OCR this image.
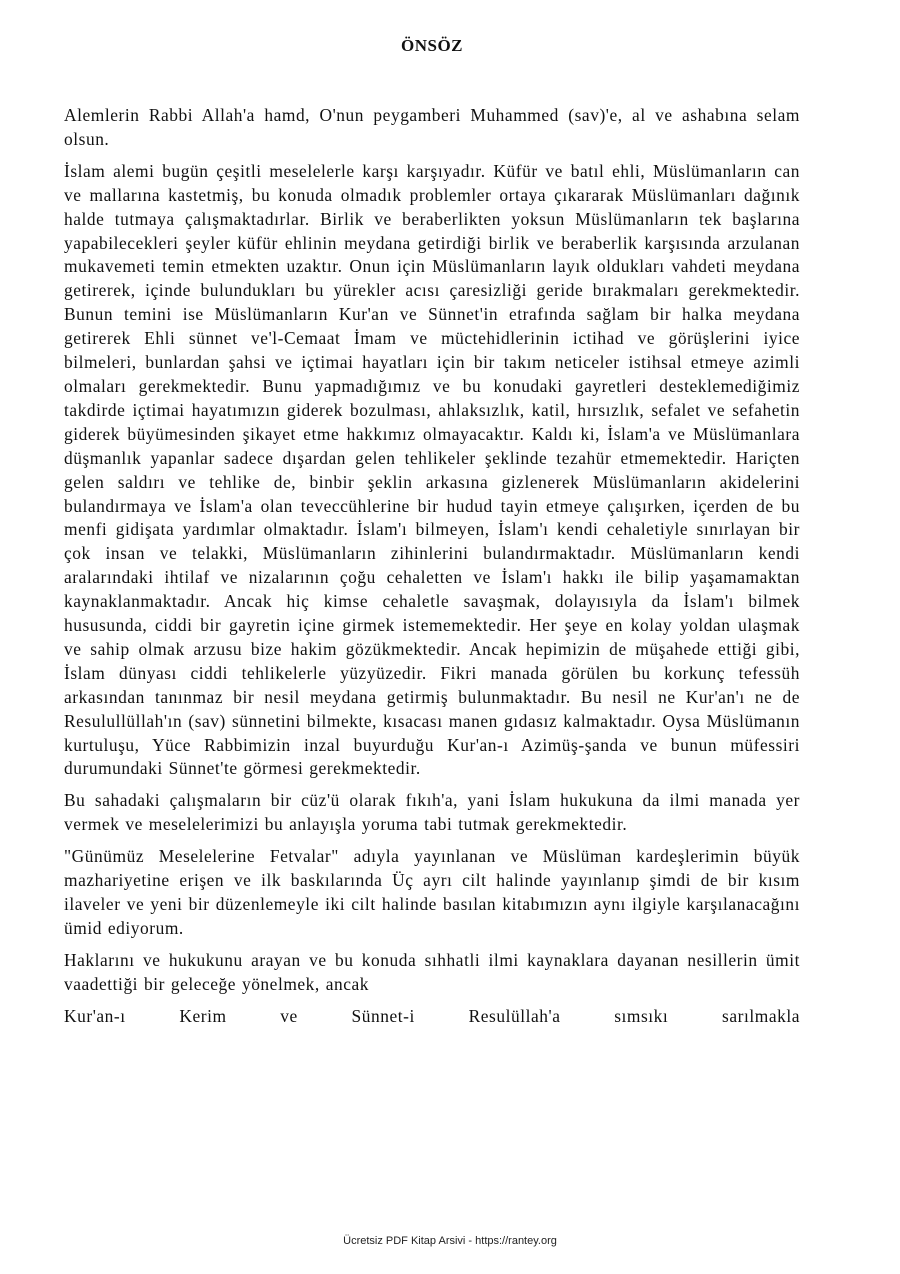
ÖNSÖZ

Alemlerin Rabbi Allah'a hamd, O'nun peygamberi Muhammed (sav)'e, al ve ashabına selam olsun.

İslam alemi bugün çeşitli meselelerle karşı karşıyadır. Küfür ve batıl ehli, Müslümanların can ve mallarına kastetmiş, bu konuda olmadık problemler ortaya çıkararak Müslümanları dağınık halde tutmaya çalışmaktadırlar. Birlik ve beraberlikten yoksun Müslümanların tek başlarına yapabilecekleri şeyler küfür ehlinin meydana getirdiği birlik ve beraberlik karşısında arzulanan mukavemeti temin etmekten uzaktır. Onun için Müslümanların layık oldukları vahdeti meydana getirerek, içinde bulundukları bu yürekler acısı çaresizliği geride bırakmaları gerekmektedir. Bunun temini ise Müslümanların Kur'an ve Sünnet'in etrafında sağlam bir halka meydana getirerek Ehli sünnet ve'l-Cemaat İmam ve müctehidlerinin ictihad ve görüşlerini iyice bilmeleri, bunlardan şahsi ve içtimai hayatları için bir takım neticeler istihsal etmeye azimli olmaları gerekmektedir. Bunu yapmadığımız ve bu konudaki gayretleri desteklemediğimiz takdirde içtimai hayatımızın giderek bozulması, ahlaksızlık, katil, hırsızlık, sefalet ve sefahetin giderek büyümesinden şikayet etme hakkımız olmayacaktır. Kaldı ki, İslam'a ve Müslümanlara düşmanlık yapanlar sadece dışardan gelen tehlikeler şeklinde tezahür etmemektedir. Hariçten gelen saldırı ve tehlike de, binbir şeklin arkasına gizlenerek Müslümanların akidelerini bulandırmaya ve İslam'a olan teveccühlerine bir hudud tayin etmeye çalışırken, içerden de bu menfi gidişata yardımlar olmaktadır. İslam'ı bilmeyen, İslam'ı kendi cehaletiyle sınırlayan bir çok insan ve telakki, Müslümanların zihinlerini bulandırmaktadır. Müslümanların kendi aralarındaki ihtilaf ve nizalarının çoğu cehaletten ve İslam'ı hakkı ile bilip yaşamamaktan kaynaklanmaktadır. Ancak hiç kimse cehaletle savaşmak, dolayısıyla da İslam'ı bilmek hususunda, ciddi bir gayretin içine girmek istememektedir. Her şeye en kolay yoldan ulaşmak ve sahip olmak arzusu bize hakim gözükmektedir. Ancak hepimizin de müşahede ettiği gibi, İslam dünyası ciddi tehlikelerle yüzyüzedir. Fikri manada görülen bu korkunç tefessüh arkasından tanınmaz bir nesil meydana getirmiş bulunmaktadır. Bu nesil ne Kur'an'ı ne de Resulullüllah'ın (sav) sünnetini bilmekte, kısacası manen gıdasız kalmaktadır. Oysa Müslümanın kurtuluşu, Yüce Rabbimizin inzal buyurduğu Kur'an-ı Azimüş-şanda ve bunun müfessiri durumundaki Sünnet'te görmesi gerekmektedir.

Bu sahadaki çalışmaların bir cüz'ü olarak fıkıh'a, yani İslam hukukuna da ilmi manada yer vermek ve meselelerimizi bu anlayışla yoruma tabi tutmak gerekmektedir.

"Günümüz Meselelerine Fetvalar" adıyla yayınlanan ve Müslüman kardeşlerimin büyük mazhariyetine erişen ve ilk baskılarında Üç ayrı cilt halinde yayınlanıp şimdi de bir kısım ilaveler ve yeni bir düzenlemeyle iki cilt halinde basılan kitabımızın aynı ilgiyle karşılanacağını ümid ediyorum.

Haklarını ve hukukunu arayan ve bu konuda sıhhatli ilmi kaynaklara dayanan nesillerin ümit vaadettiği bir geleceğe yönelmek, ancak

Kur'an-ı Kerim ve Sünnet-i Resulüllah'a sımsıkı sarılmakla

Ücretsiz PDF Kitap Arsivi - https://rantey.org
